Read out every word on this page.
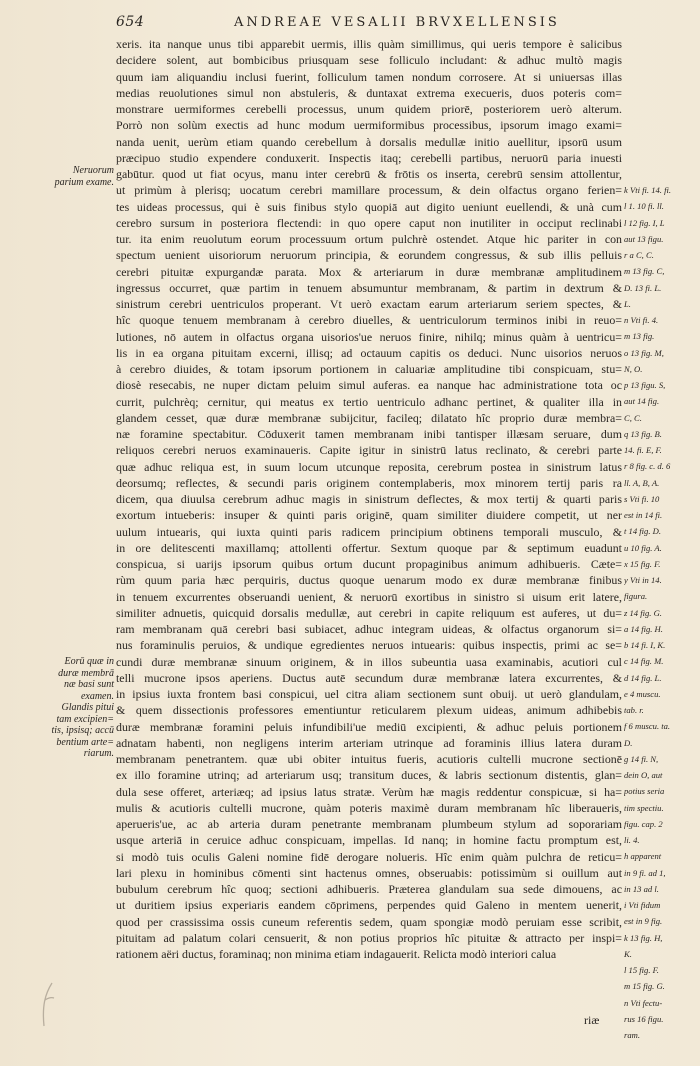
654	ANDREAE VESALII BRVXELLENSIS
xeris. ita nanque unus tibi apparebit uermis, illis quàm simillimus, qui ueris tempore è salicibus
decidere solent, aut bombicibus priusquam sese folliculo includant: & adhuc multò magis
quum iam aliquandiu inclusi fuerint, folliculum tamen nondum corrosere. At si uniuersas illas
medias reuolutiones simul non abstuleris, & duntaxat extrema execueris, duos poteris com=
monstrare uermiformes cerebelli processus, unum quidem priorē, posteriorem uerò alterum.
Porrò non solùm exectis ad hunc modum uermiformibus processibus, ipsorum imago exami=
nanda uenit, uerùm etiam quando cerebellum à dorsalis medullæ initio auellitur, ipsorū usum
præcipuo studio expendere conduxerit. Inspectis itaq; cerebelli partibus, neruorū paria inuesti
gabūtur. quod ut fiat ocyus, manu inter cerebrū & frōtis os inserta, cerebrū sensim attollentur,
ut primùm à plerisq; uocatum cerebri mamillare processum, & dein olfactus organo ferien=
tes uideas processus, qui è suis finibus stylo quopiā aut digito ueniunt euellendi, & unà cum
cerebro sursum in posteriora flectendi: in quo opere caput non inutiliter in occiput reclinabi
tur. ita enim reuolutum eorum processuum ortum pulchrè ostendet. Atque hic pariter in con
spectum uenient uisoriorum neruorum principia, & eorundem congressus, & sub illis pelluis
cerebri pituitæ expurgandæ parata. Mox & arteriarum in duræ membranæ amplitudinem
ingressus occurret, quæ partim in tenuem absumuntur membranam, & partim in dextrum &
sinistrum cerebri uentriculos properant. Vt uerò exactam earum arteriarum seriem spectes, &
hîc quoque tenuem membranam à cerebro diuelles, & uentriculorum terminos inibi in reuo=
lutiones, nō autem in olfactus organa uisorios'ue neruos finire, nihilq; minus quàm à uentricu=
lis in ea organa pituitam excerni, illisq; ad octauum capitis os deduci. Nunc uisorios neruos
à cerebro diuides, & totam ipsorum portionem in caluariæ amplitudine tibi conspicuam, stu=
diosè resecabis, ne nuper dictam peluim simul auferas. ea nanque hac administratione tota oc
currit, pulchrèq; cernitur, qui meatus ex tertio uentriculo adhanc pertinet, & qualiter illa in
glandem cesset, quæ duræ membranæ subijcitur, facileq; dilatato hîc proprio duræ membra=
næ foramine spectabitur. Cōduxerit tamen membranam inibi tantisper illæsam seruare, dum
reliquos cerebri neruos examinaueris. Capite igitur in sinistrū latus reclinato, & cerebri parte
quæ adhuc reliqua est, in suum locum utcunque reposita, cerebrum postea in sinistrum latus
deorsumq; reflectes, & secundi paris originem contemplaberis, mox minorem tertij paris ra
dicem, qua diuulsa cerebrum adhuc magis in sinistrum deflectes, & mox tertij & quarti paris
exortum intueberis: insuper & quinti paris originē, quam similiter diuidere competit, ut ner
uulum intuearis, qui iuxta quinti paris radicem principium obtinens temporali musculo, &
in ore delitescenti maxillamq; attollenti offertur. Sextum quoque par & septimum euadunt
conspicua, si uarijs ipsorum quibus ortum ducunt propaginibus animum adhibueris. Cæte=
rùm quum paria hæc perquiris, ductus quoque uenarum modo ex duræ membranæ finibus
in tenuem excurrentes obseruandi uenient, & neruorū exortibus in sinistro si uisum erit latere,
similiter adnuetis, quicquid dorsalis medullæ, aut cerebri in capite reliquum est auferes, ut du=
ram membranam quā cerebri basi subiacet, adhuc integram uideas, & olfactus organorum si=
nus foraminulis peruios, & undique egredientes neruos intuearis: quibus inspectis, primi ac se=
cundi duræ membranæ sinuum originem, & in illos subeuntia uasa examinabis, acutiori cul
telli mucrone ipsos aperiens. Ductus autē secundum duræ membranæ latera excurrentes, &
in ipsius iuxta frontem basi conspicui, uel citra aliam sectionem sunt obuij. ut uerò glandulam,
& quem dissectionis professores ementiuntur reticularem plexum uideas, animum adhibebis
duræ membranæ foramini peluis infundibili'ue mediū excipienti, & adhuc peluis portionem
adnatam habenti, non negligens interim arteriam utrinque ad foraminis illius latera duram
membranam penetrantem. quæ ubi obiter intuitus fueris, acutioris cultelli mucrone sectionē
ex illo foramine utrinq; ad arteriarum usq; transitum duces, & labris sectionum distentis, glan=
dula sese offeret, arteriæq; ad ipsius latus stratæ. Verùm hæ magis reddentur conspicuæ, si ha=
mulis & acutioris cultelli mucrone, quàm poteris maximè duram membranam hîc liberaueris,
aperueris'ue, ac ab arteria duram penetrante membranam plumbeum stylum ad soporariam
usque arteriā in ceruice adhuc conspicuam, impellas. Id nanq; in homine factu promptum est,
si modò tuis oculis Galeni nomine fidē derogare nolueris. Hîc enim quàm pulchra de reticu=
lari plexu in hominibus cōmenti sint hactenus omnes, obseruabis: potissimùm si ouillum aut
bubulum cerebrum hîc quoq; sectioni adhibueris. Præterea glandulam sua sede dimouens, ac
ut duritiem ipsius experiaris eandem cōprimens, perpendes quid Galeno in mentem uenerit,
quod per crassissima ossis cuneum referentis sedem, quam spongiæ modò peruiam esse scribit,
pituitam ad palatum colari censuerit, & non potius proprios hîc pituitæ & attracto per inspi=
rationem aëri ductus, foraminaq; non minima etiam indagauerit. Relicta modò interiori calua
Neruorum
parium exame.
Eorū quæ in
duræ membrā
næ basi sunt
examen.
Glandis pitui
tam excipien=
tis, ipsisq; accū
bentium arte=
riarum.
k Vti fi. 14. fi.
l 1. 10 fi. ll.
l 12 fig. I, L
aut 13 figu.
r a C, C.
m 13 fig. C,
D. 13 fi. L.
L.
n Vti fi. 4.
m 13 fig.
o 13 fig. M,
N, O.
p 13 figu. S,
aut 14 fig.
C, C.
q 13 fig. B.
14. fi. E, F.
r 8 fig. c. d. 6
ll. A, B, A.
s Vti fi. 10
est in 14 fi.
t 14 fig. D.
u 10 fig. A.
x 15 fig. F.
y Vti in 14.
figura.
z 14 fig. G.
a 14 fig. H.
b 14 fi. I, K.
c 14 fig. M.
d 14 fig. L.
e 4 muscu.
tab. r.
f 6 muscu. ta.
D.
g 14 fi. N,
dein O, aut
potius seria
tim spectiu.
figu. cap. 2
li. 4.
h apparent
in 9 fi. ad 1,
in 13 ad l.
i Vti fidum
est in 9 fig.
k 13 fig. H,
K.
l 15 fig. F.
m 15 fig. G.
n Vti fectu-
rus 16 figu.
ram.
riæ
